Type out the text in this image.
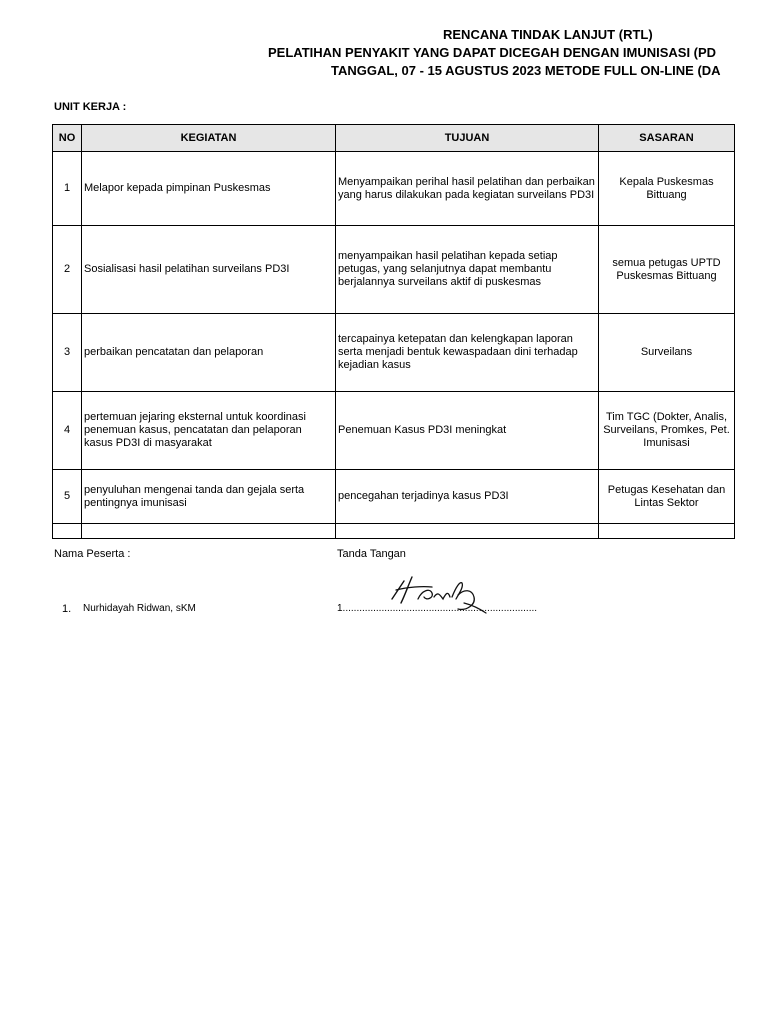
RENCANA TINDAK LANJUT (RTL)
PELATIHAN PENYAKIT YANG DAPAT DICEGAH DENGAN IMUNISASI (PD
TANGGAL, 07 - 15 AGUSTUS 2023 METODE FULL ON-LINE (DA
UNIT KERJA :
NO	KEGIATAN	TUJUAN	SASARAN
1	Melapor kepada pimpinan Puskesmas	Menyampaikan perihal hasil pelatihan dan perbaikan yang harus dilakukan pada kegiatan surveilans PD3I	Kepala Puskesmas Bittuang
2	Sosialisasi hasil pelatihan surveilans PD3I	menyampaikan hasil pelatihan kepada setiap petugas, yang selanjutnya dapat membantu berjalannya surveilans aktif di puskesmas	semua petugas UPTD Puskesmas Bittuang
3	perbaikan pencatatan dan pelaporan	tercapainya ketepatan dan kelengkapan laporan serta menjadi bentuk kewaspadaan dini terhadap kejadian kasus	Surveilans
4	pertemuan jejaring eksternal untuk koordinasi penemuan kasus, pencatatan dan pelaporan kasus PD3I di masyarakat	Penemuan Kasus PD3I meningkat	Tim TGC (Dokter, Analis, Surveilans, Promkes, Pet. Imunisasi
5	penyuluhan mengenai tanda dan gejala serta pentingnya imunisasi	pencegahan terjadinya kasus PD3I	Petugas Kesehatan dan Lintas Sektor

Nama Peserta :	Tanda Tangan
1. Nurhidayah Ridwan, sKM	1......................................................................
